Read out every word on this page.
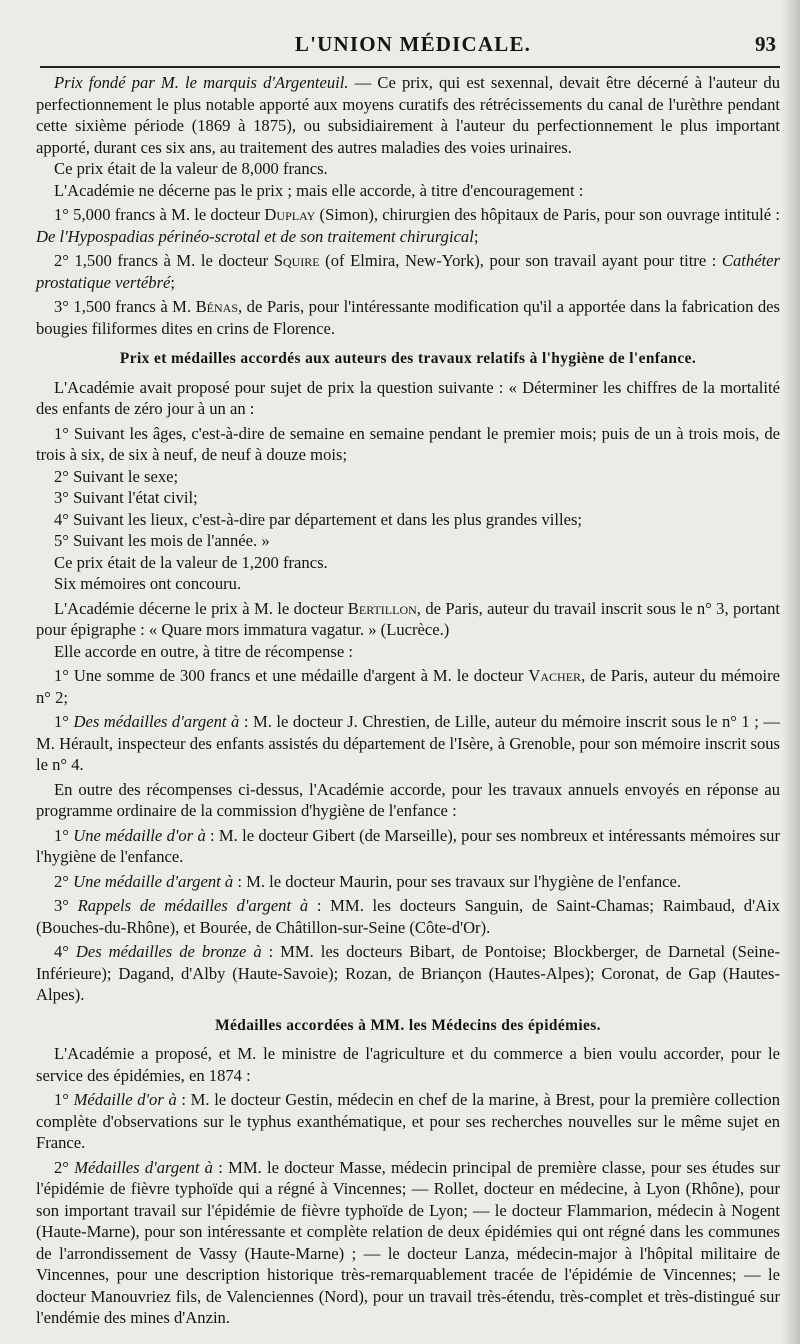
L'UNION MÉDICALE.	93

Prix fondé par M. le marquis d'Argenteuil. — Ce prix, qui est sexennal, devait être décerné à l'auteur du perfectionnement le plus notable apporté aux moyens curatifs des rétrécissements du canal de l'urèthre pendant cette sixième période (1869 à 1875), ou subsidiairement à l'auteur du perfectionnement le plus important apporté, durant ces six ans, au traitement des autres maladies des voies urinaires.

Ce prix était de la valeur de 8,000 francs.

L'Académie ne décerne pas le prix ; mais elle accorde, à titre d'encouragement :

1° 5,000 francs à M. le docteur Duplay (Simon), chirurgien des hôpitaux de Paris, pour son ouvrage intitulé : De l'Hypospadias périnéo-scrotal et de son traitement chirurgical;

2° 1,500 francs à M. le docteur Squire (of Elmira, New-York), pour son travail ayant pour titre : Cathéter prostatique vertébré;

3° 1,500 francs à M. Bénas, de Paris, pour l'intéressante modification qu'il a apportée dans la fabrication des bougies filiformes dites en crins de Florence.

Prix et médailles accordés aux auteurs des travaux relatifs à l'hygiène de l'enfance.

L'Académie avait proposé pour sujet de prix la question suivante : « Déterminer les chiffres de la mortalité des enfants de zéro jour à un an :

1° Suivant les âges, c'est-à-dire de semaine en semaine pendant le premier mois; puis de un à trois mois, de trois à six, de six à neuf, de neuf à douze mois;

2° Suivant le sexe;

3° Suivant l'état civil;

4° Suivant les lieux, c'est-à-dire par département et dans les plus grandes villes;

5° Suivant les mois de l'année. »

Ce prix était de la valeur de 1,200 francs.

Six mémoires ont concouru.

L'Académie décerne le prix à M. le docteur Bertillon, de Paris, auteur du travail inscrit sous le n° 3, portant pour épigraphe : « Quare mors immatura vagatur. » (Lucrèce.)

Elle accorde en outre, à titre de récompense :

1° Une somme de 300 francs et une médaille d'argent à M. le docteur Vacher, de Paris, auteur du mémoire n° 2;

1° Des médailles d'argent à : M. le docteur J. Chrestien, de Lille, auteur du mémoire inscrit sous le n° 1 ; — M. Hérault, inspecteur des enfants assistés du département de l'Isère, à Grenoble, pour son mémoire inscrit sous le n° 4.

En outre des récompenses ci-dessus, l'Académie accorde, pour les travaux annuels envoyés en réponse au programme ordinaire de la commission d'hygiène de l'enfance :

1° Une médaille d'or à : M. le docteur Gibert (de Marseille), pour ses nombreux et intéressants mémoires sur l'hygiène de l'enfance.

2° Une médaille d'argent à : M. le docteur Maurin, pour ses travaux sur l'hygiène de l'enfance.

3° Rappels de médailles d'argent à : MM. les docteurs Sanguin, de Saint-Chamas; Raimbaud, d'Aix (Bouches-du-Rhône), et Bourée, de Châtillon-sur-Seine (Côte-d'Or).

4° Des médailles de bronze à : MM. les docteurs Bibart, de Pontoise; Blockberger, de Darnetal (Seine-Inférieure); Dagand, d'Alby (Haute-Savoie); Rozan, de Briançon (Hautes-Alpes); Coronat, de Gap (Hautes-Alpes).

Médailles accordées à MM. les Médecins des épidémies.

L'Académie a proposé, et M. le ministre de l'agriculture et du commerce a bien voulu accorder, pour le service des épidémies, en 1874 :

1° Médaille d'or à : M. le docteur Gestin, médecin en chef de la marine, à Brest, pour la première collection complète d'observations sur le typhus exanthématique, et pour ses recherches nouvelles sur le même sujet en France.

2° Médailles d'argent à : MM. le docteur Masse, médecin principal de première classe, pour ses études sur l'épidémie de fièvre typhoïde qui a régné à Vincennes; — Rollet, docteur en médecine, à Lyon (Rhône), pour son important travail sur l'épidémie de fièvre typhoïde de Lyon; — le docteur Flammarion, médecin à Nogent (Haute-Marne), pour son intéressante et complète relation de deux épidémies qui ont régné dans les communes de l'arrondissement de Vassy (Haute-Marne) ; — le docteur Lanza, médecin-major à l'hôpital militaire de Vincennes, pour une description historique très-remarquablement tracée de l'épidémie de Vincennes; — le docteur Manouvriez fils, de Valenciennes (Nord), pour un travail très-étendu, très-complet et très-distingué sur l'endémie des mines d'Anzin.
